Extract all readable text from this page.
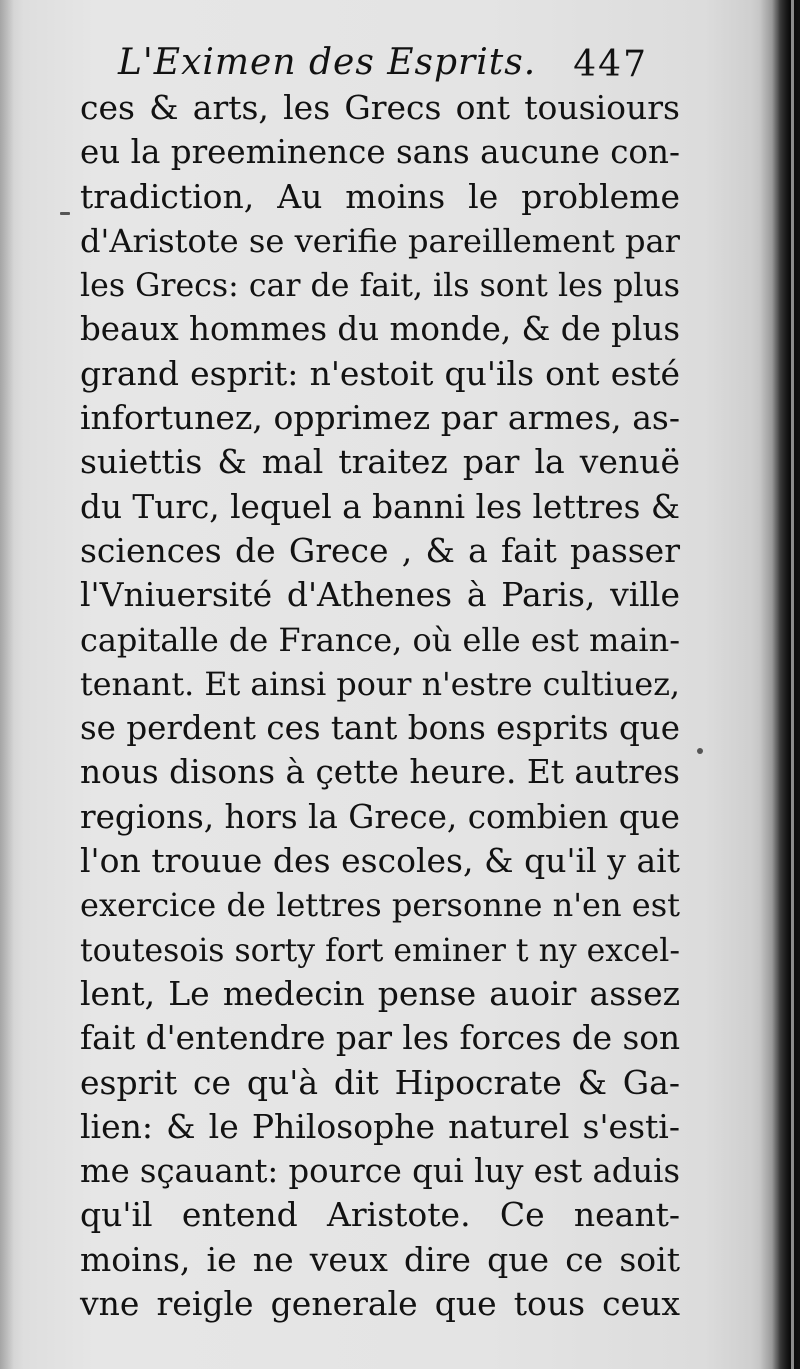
L'Eximen des Esprits. 447
ces & arts, les Grecs ont tousiours
eu la preeminence sans aucune con-
tradiction, Au moins le probleme
d'Aristote se verifie pareillement par
les Grecs: car de fait, ils sont les plus
beaux hommes du monde, & de plus
grand esprit: n'estoit qu'ils ont esté
infortunez, opprimez par armes, as-
suiettis & mal traitez par la venuë
du Turc, lequel a banni les lettres &
sciences de Grece , & a fait passer
l'Vniuersité d'Athenes à Paris, ville
capitalle de France, où elle est main-
tenant. Et ainsi pour n'estre cultiuez,
se perdent ces tant bons esprits que
nous disons à çette heure. Et autres
regions, hors la Grece, combien que
l'on trouue des escoles, & qu'il y ait
exercice de lettres personne n'en est
toutesois sorty fort eminer t ny excel-
lent, Le medecin pense auoir assez
fait d'entendre par les forces de son
esprit ce qu'à dit Hipocrate & Ga-
lien: & le Philosophe naturel s'esti-
me sçauant: pource qui luy est aduis
qu'il entend Aristote. Ce neant-
moins, ie ne veux dire que ce soit
vne reigle generale que tous ceux
